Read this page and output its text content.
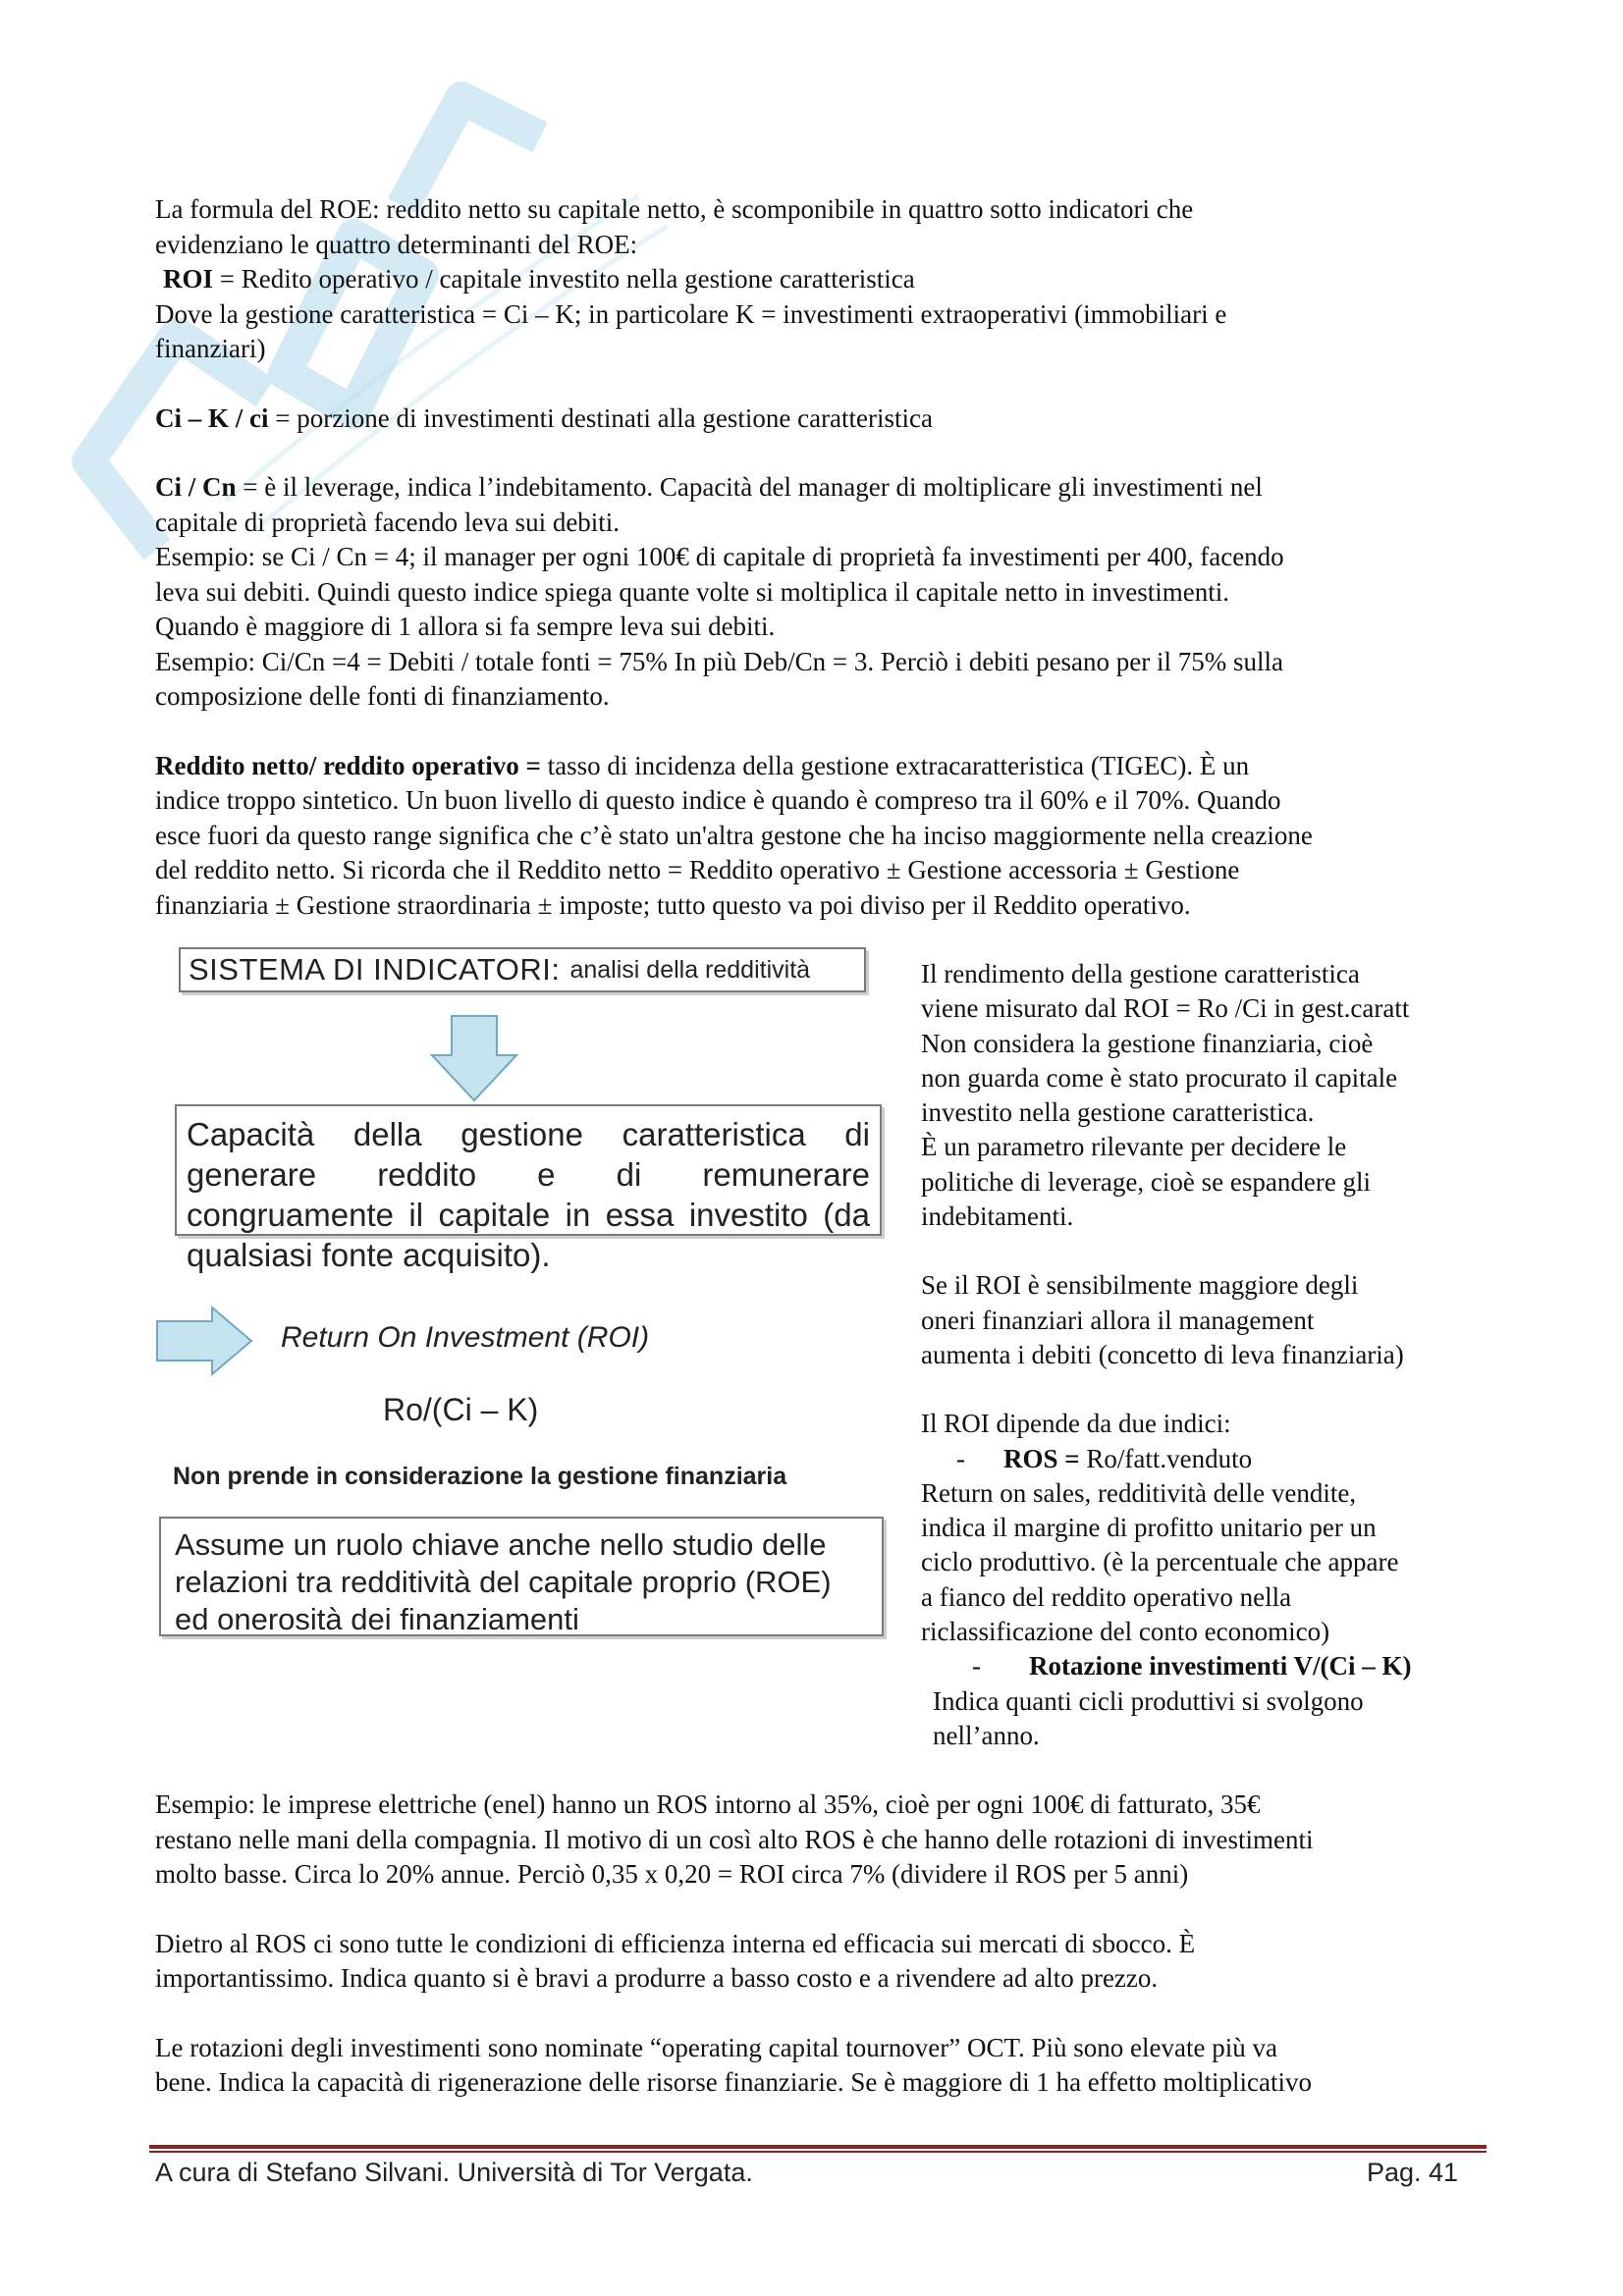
La formula del ROE: reddito netto su capitale netto, è scomponibile in quattro sotto indicatori che

evidenziano le quattro determinanti del ROE:

ROI = Redito operativo / capitale investito nella gestione caratteristica

Dove la gestione caratteristica = Ci – K; in particolare K = investimenti extraoperativi (immobiliari e

finanziari)

Ci – K / ci = porzione di investimenti destinati alla gestione caratteristica

Ci / Cn = è il leverage, indica l’indebitamento. Capacità del manager di moltiplicare gli investimenti nel

capitale di proprietà facendo leva sui debiti.

Esempio: se Ci / Cn = 4; il manager per ogni 100€ di capitale di proprietà fa investimenti per 400, facendo

leva sui debiti. Quindi questo indice spiega quante volte si moltiplica il capitale netto in investimenti.

Quando è maggiore di 1 allora si fa sempre leva sui debiti.

Esempio: Ci/Cn =4 = Debiti / totale fonti = 75% In più Deb/Cn = 3. Perciò i debiti pesano per il 75% sulla

composizione delle fonti di finanziamento.

Reddito netto/ reddito operativo = tasso di incidenza della gestione extracaratteristica (TIGEC). È un

indice troppo sintetico. Un buon livello di questo indice è quando è compreso tra il 60% e il 70%. Quando

esce fuori da questo range significa che c’è stato un'altra gestone che ha inciso maggiormente nella creazione

del reddito netto. Si ricorda che il Reddito netto = Reddito operativo ± Gestione accessoria ± Gestione

finanziaria ± Gestione straordinaria ± imposte; tutto questo va poi diviso per il Reddito operativo.

SISTEMA DI INDICATORI: analisi della redditività
Capacità della gestione caratteristica di generare reddito e di remunerare congruamente il capitale in essa investito (da qualsiasi fonte acquisito).
Return On Investment (ROI)
Ro/(Ci – K)
Non prende in considerazione la gestione finanziaria
Assume un ruolo chiave anche nello studio delle relazioni tra redditività del capitale proprio (ROE) ed onerosità dei finanziamenti

Il rendimento della gestione caratteristica

viene misurato dal ROI = Ro /Ci in gest.caratt

Non considera la gestione finanziaria, cioè

non guarda come è stato procurato il capitale

investito nella gestione caratteristica.

È un parametro rilevante per decidere le

politiche di leverage, cioè se espandere gli

indebitamenti.

Se il ROI è sensibilmente maggiore degli

oneri finanziari allora il management

aumenta i debiti (concetto di leva finanziaria)

Il ROI dipende da due indici:

- ROS = Ro/fatt.venduto

Return on sales, redditività delle vendite,

indica il margine di profitto unitario per un

ciclo produttivo. (è la percentuale che appare

a fianco del reddito operativo nella

riclassificazione del conto economico)

- Rotazione investimenti V/(Ci – K)

Indica quanti cicli produttivi si svolgono

nell’anno.

Esempio: le imprese elettriche (enel) hanno un ROS intorno al 35%, cioè per ogni 100€ di fatturato, 35€

restano nelle mani della compagnia. Il motivo di un così alto ROS è che hanno delle rotazioni di investimenti

molto basse. Circa lo 20% annue. Perciò 0,35 x 0,20 = ROI circa 7% (dividere il ROS per 5 anni)

Dietro al ROS ci sono tutte le condizioni di efficienza interna ed efficacia sui mercati di sbocco. È

importantissimo. Indica quanto si è bravi a produrre a basso costo e a rivendere ad alto prezzo.

Le rotazioni degli investimenti sono nominate “operating capital tournover” OCT. Più sono elevate più va

bene. Indica la capacità di rigenerazione delle risorse finanziarie. Se è maggiore di 1 ha effetto moltiplicativo

A cura di Stefano Silvani. Università di Tor Vergata.	Pag. 41
